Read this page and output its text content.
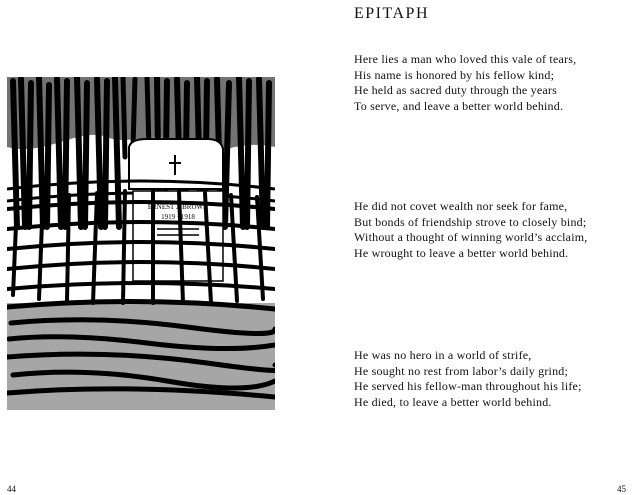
ERNEST J. BROWN
1919 · 1918
44
EPITAPH
Here lies a man who loved this vale of tears,
His name is honored by his fellow kind;
He held as sacred duty through the years
To serve, and leave a better world behind.
He did not covet wealth nor seek for fame,
But bonds of friendship strove to closely bind;
Without a thought of winning world’s acclaim,
He wrought to leave a better world behind.
He was no hero in a world of strife,
He sought no rest from labor’s daily grind;
He served his fellow-man throughout his life;
He died, to leave a better world behind.
45
